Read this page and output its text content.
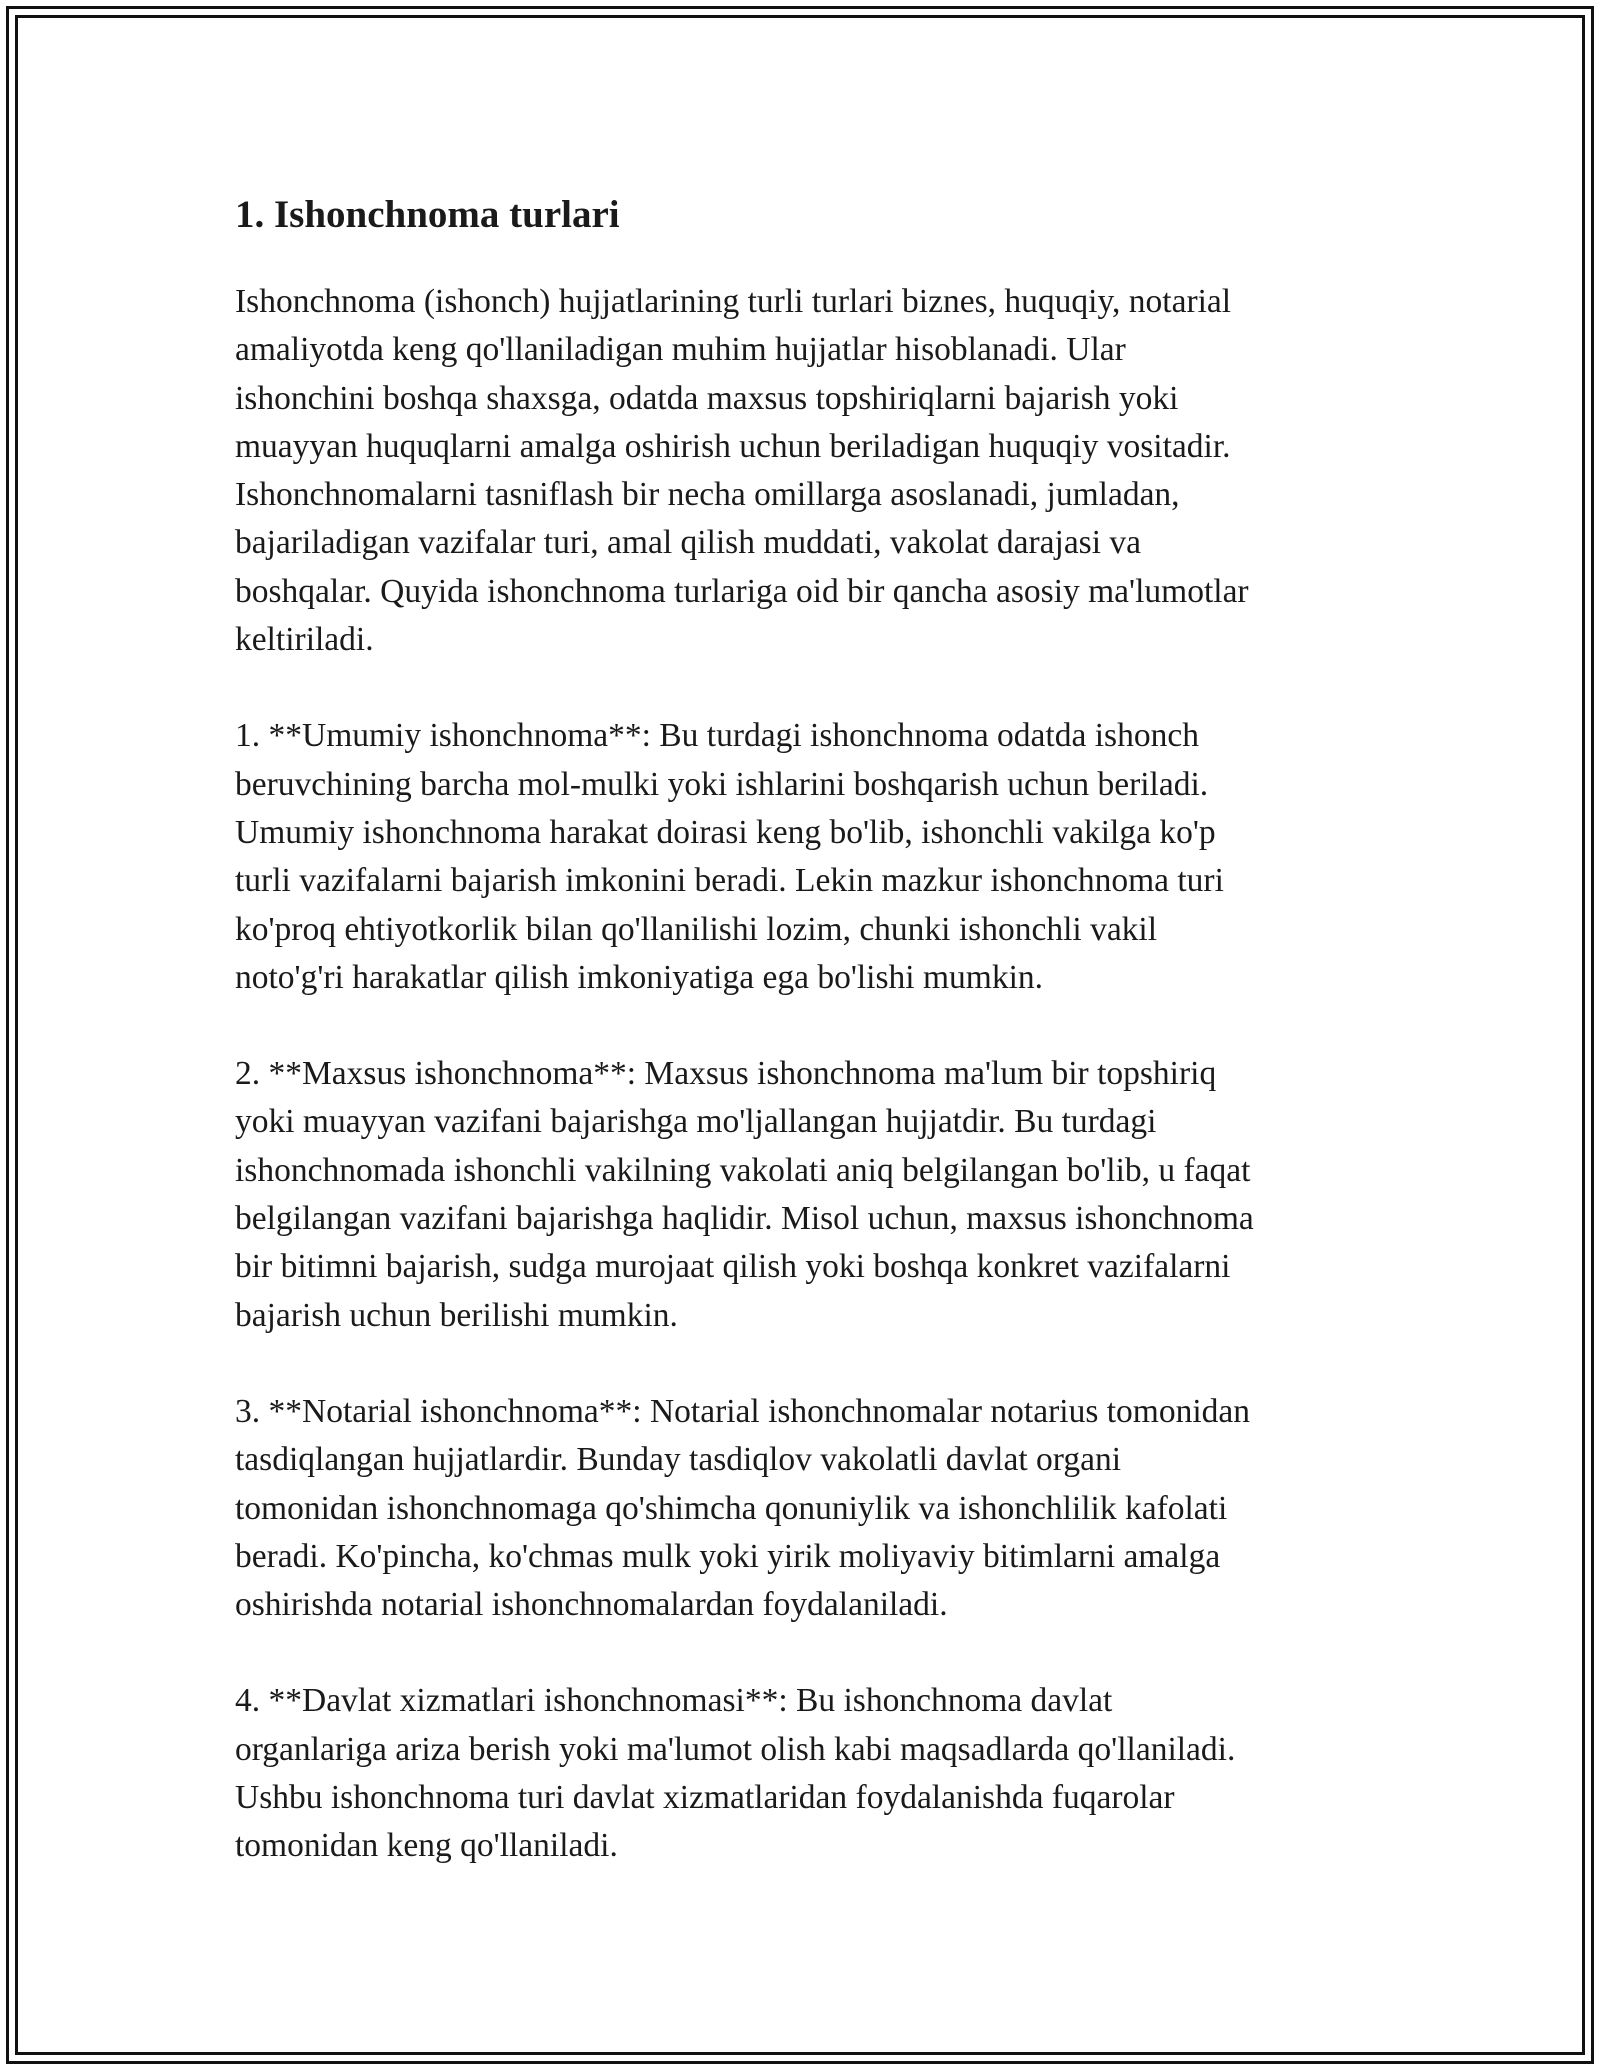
1. Ishonchnoma turlari

Ishonchnoma (ishonch) hujjatlarining turli turlari biznes, huquqiy, notarial
amaliyotda keng qo'llaniladigan muhim hujjatlar hisoblanadi. Ular
ishonchini boshqa shaxsga, odatda maxsus topshiriqlarni bajarish yoki
muayyan huquqlarni amalga oshirish uchun beriladigan huquqiy vositadir.
Ishonchnomalarni tasniflash bir necha omillarga asoslanadi, jumladan,
bajariladigan vazifalar turi, amal qilish muddati, vakolat darajasi va
boshqalar. Quyida ishonchnoma turlariga oid bir qancha asosiy ma'lumotlar
keltiriladi.

1. **Umumiy ishonchnoma**: Bu turdagi ishonchnoma odatda ishonch
beruvchining barcha mol-mulki yoki ishlarini boshqarish uchun beriladi.
Umumiy ishonchnoma harakat doirasi keng bo'lib, ishonchli vakilga ko'p
turli vazifalarni bajarish imkonini beradi. Lekin mazkur ishonchnoma turi
ko'proq ehtiyotkorlik bilan qo'llanilishi lozim, chunki ishonchli vakil
noto'g'ri harakatlar qilish imkoniyatiga ega bo'lishi mumkin.

2. **Maxsus ishonchnoma**: Maxsus ishonchnoma ma'lum bir topshiriq
yoki muayyan vazifani bajarishga mo'ljallangan hujjatdir. Bu turdagi
ishonchnomada ishonchli vakilning vakolati aniq belgilangan bo'lib, u faqat
belgilangan vazifani bajarishga haqlidir. Misol uchun, maxsus ishonchnoma
bir bitimni bajarish, sudga murojaat qilish yoki boshqa konkret vazifalarni
bajarish uchun berilishi mumkin.

3. **Notarial ishonchnoma**: Notarial ishonchnomalar notarius tomonidan
tasdiqlangan hujjatlardir. Bunday tasdiqlov vakolatli davlat organi
tomonidan ishonchnomaga qo'shimcha qonuniylik va ishonchlilik kafolati
beradi. Ko'pincha, ko'chmas mulk yoki yirik moliyaviy bitimlarni amalga
oshirishda notarial ishonchnomalardan foydalaniladi.

4. **Davlat xizmatlari ishonchnomasi**: Bu ishonchnoma davlat
organlariga ariza berish yoki ma'lumot olish kabi maqsadlarda qo'llaniladi.
Ushbu ishonchnoma turi davlat xizmatlaridan foydalanishda fuqarolar
tomonidan keng qo'llaniladi.
